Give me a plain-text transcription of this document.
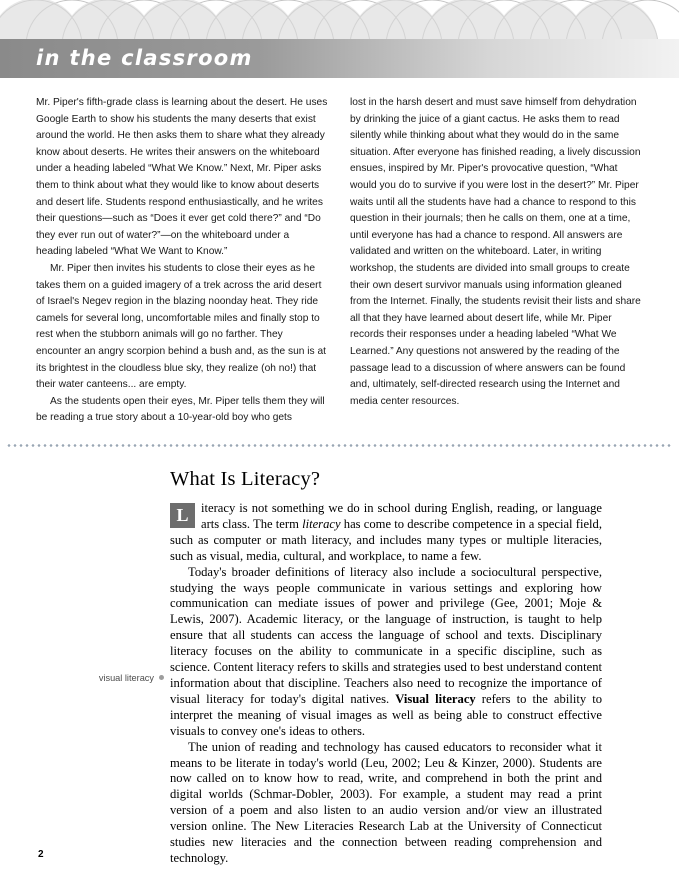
in the classroom

Mr. Piper's fifth-grade class is learning about the desert. He uses Google Earth to show his students the many deserts that exist around the world. He then asks them to share what they already know about deserts. He writes their answers on the whiteboard under a heading labeled “What We Know.” Next, Mr. Piper asks them to think about what they would like to know about deserts and desert life. Students respond enthusiastically, and he writes their questions—such as “Does it ever get cold there?” and “Do they ever run out of water?”—on the whiteboard under a heading labeled “What We Want to Know.”

Mr. Piper then invites his students to close their eyes as he takes them on a guided imagery of a trek across the arid desert of Israel's Negev region in the blazing noonday heat. They ride camels for several long, uncomfortable miles and finally stop to rest when the stubborn animals will go no farther. They encounter an angry scorpion behind a bush and, as the sun is at its brightest in the cloudless blue sky, they realize (oh no!) that their water canteens... are empty.

As the students open their eyes, Mr. Piper tells them they will be reading a true story about a 10-year-old boy who gets

lost in the harsh desert and must save himself from dehydration by drinking the juice of a giant cactus. He asks them to read silently while thinking about what they would do in the same situation. After everyone has finished reading, a lively discussion ensues, inspired by Mr. Piper's provocative question, “What would you do to survive if you were lost in the desert?” Mr. Piper waits until all the students have had a chance to respond to this question in their journals; then he calls on them, one at a time, until everyone has had a chance to respond. All answers are validated and written on the whiteboard. Later, in writing workshop, the students are divided into small groups to create their own desert survivor manuals using information gleaned from the Internet. Finally, the students revisit their lists and share all that they have learned about desert life, while Mr. Piper records their responses under a heading labeled “What We Learned.” Any questions not answered by the reading of the passage lead to a discussion of where answers can be found and, ultimately, self-directed research using the Internet and media center resources.

What Is Literacy?

L iteracy is not something we do in school during English, reading, or language arts class. The term literacy has come to describe competence in a special field, such as computer or math literacy, and includes many types or multiple literacies, such as visual, media, cultural, and workplace, to name a few.

Today's broader definitions of literacy also include a sociocultural perspective, studying the ways people communicate in various settings and exploring how communication can mediate issues of power and privilege (Gee, 2001; Moje & Lewis, 2007). Academic literacy, or the language of instruction, is taught to help ensure that all students can access the language of school and texts. Disciplinary literacy focuses on the ability to communicate in a specific discipline, such as science. Content literacy refers to skills and strategies used to best understand content information about that discipline. Teachers also need to recognize the importance of visual literacy for today's digital natives. Visual literacy refers to the ability to interpret the meaning of visual images as well as being able to construct effective visuals to convey one's ideas to others.

The union of reading and technology has caused educators to reconsider what it means to be literate in today's world (Leu, 2002; Leu & Kinzer, 2000). Students are now called on to know how to read, write, and comprehend in both the print and digital worlds (Schmar-Dobler, 2003). For example, a student may read a print version of a poem and also listen to an audio version and/or view an illustrated version online. The New Literacies Research Lab at the University of Connecticut studies new literacies and the connection between reading comprehension and technology.

visual literacy
2
